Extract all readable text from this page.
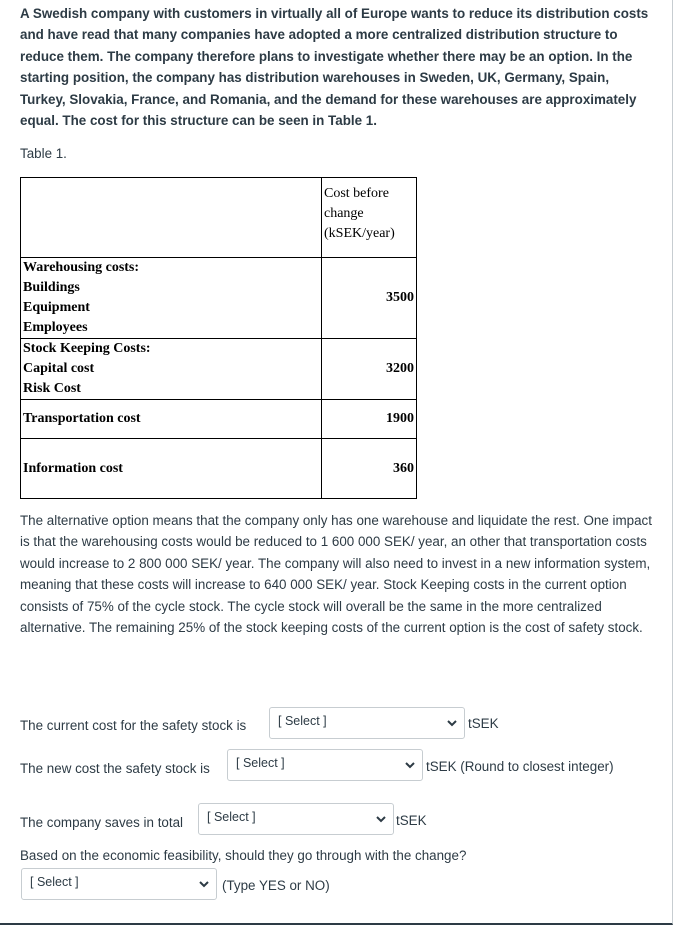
A Swedish company with customers in virtually all of Europe wants to reduce its distribution costs and have read that many companies have adopted a more centralized distribution structure to reduce them. The company therefore plans to investigate whether there may be an option. In the starting position, the company has distribution warehouses in Sweden, UK, Germany, Spain, Turkey, Slovakia, France, and Romania, and the demand for these warehouses are approximately equal. The cost for this structure can be seen in Table 1.
Table 1.

	Cost before change (kSEK/year)

Warehousing costs:
Buildings
Equipment
Employees	3500

Stock Keeping Costs:
Capital cost
Risk Cost	3200

Transportation cost	1900

Information cost	360
The alternative option means that the company only has one warehouse and liquidate the rest. One impact is that the warehousing costs would be reduced to 1 600 000 SEK/ year, an other that transportation costs would increase to 2 800 000 SEK/ year. The company will also need to invest in a new information system, meaning that these costs will increase to 640 000 SEK/ year. Stock Keeping costs in the current option consists of 75% of the cycle stock. The cycle stock will overall be the same in the more centralized alternative. The remaining 25% of the stock keeping costs of the current option is the cost of safety stock.
The current cost for the safety stock is	[ Select ]	tSEK
The new cost the safety stock is [ Select ]	tSEK (Round to closest integer)
The company saves in total [ Select ]	tSEK
Based on the economic feasibility, should they go through with the change?
[ Select ]	(Type YES or NO)
